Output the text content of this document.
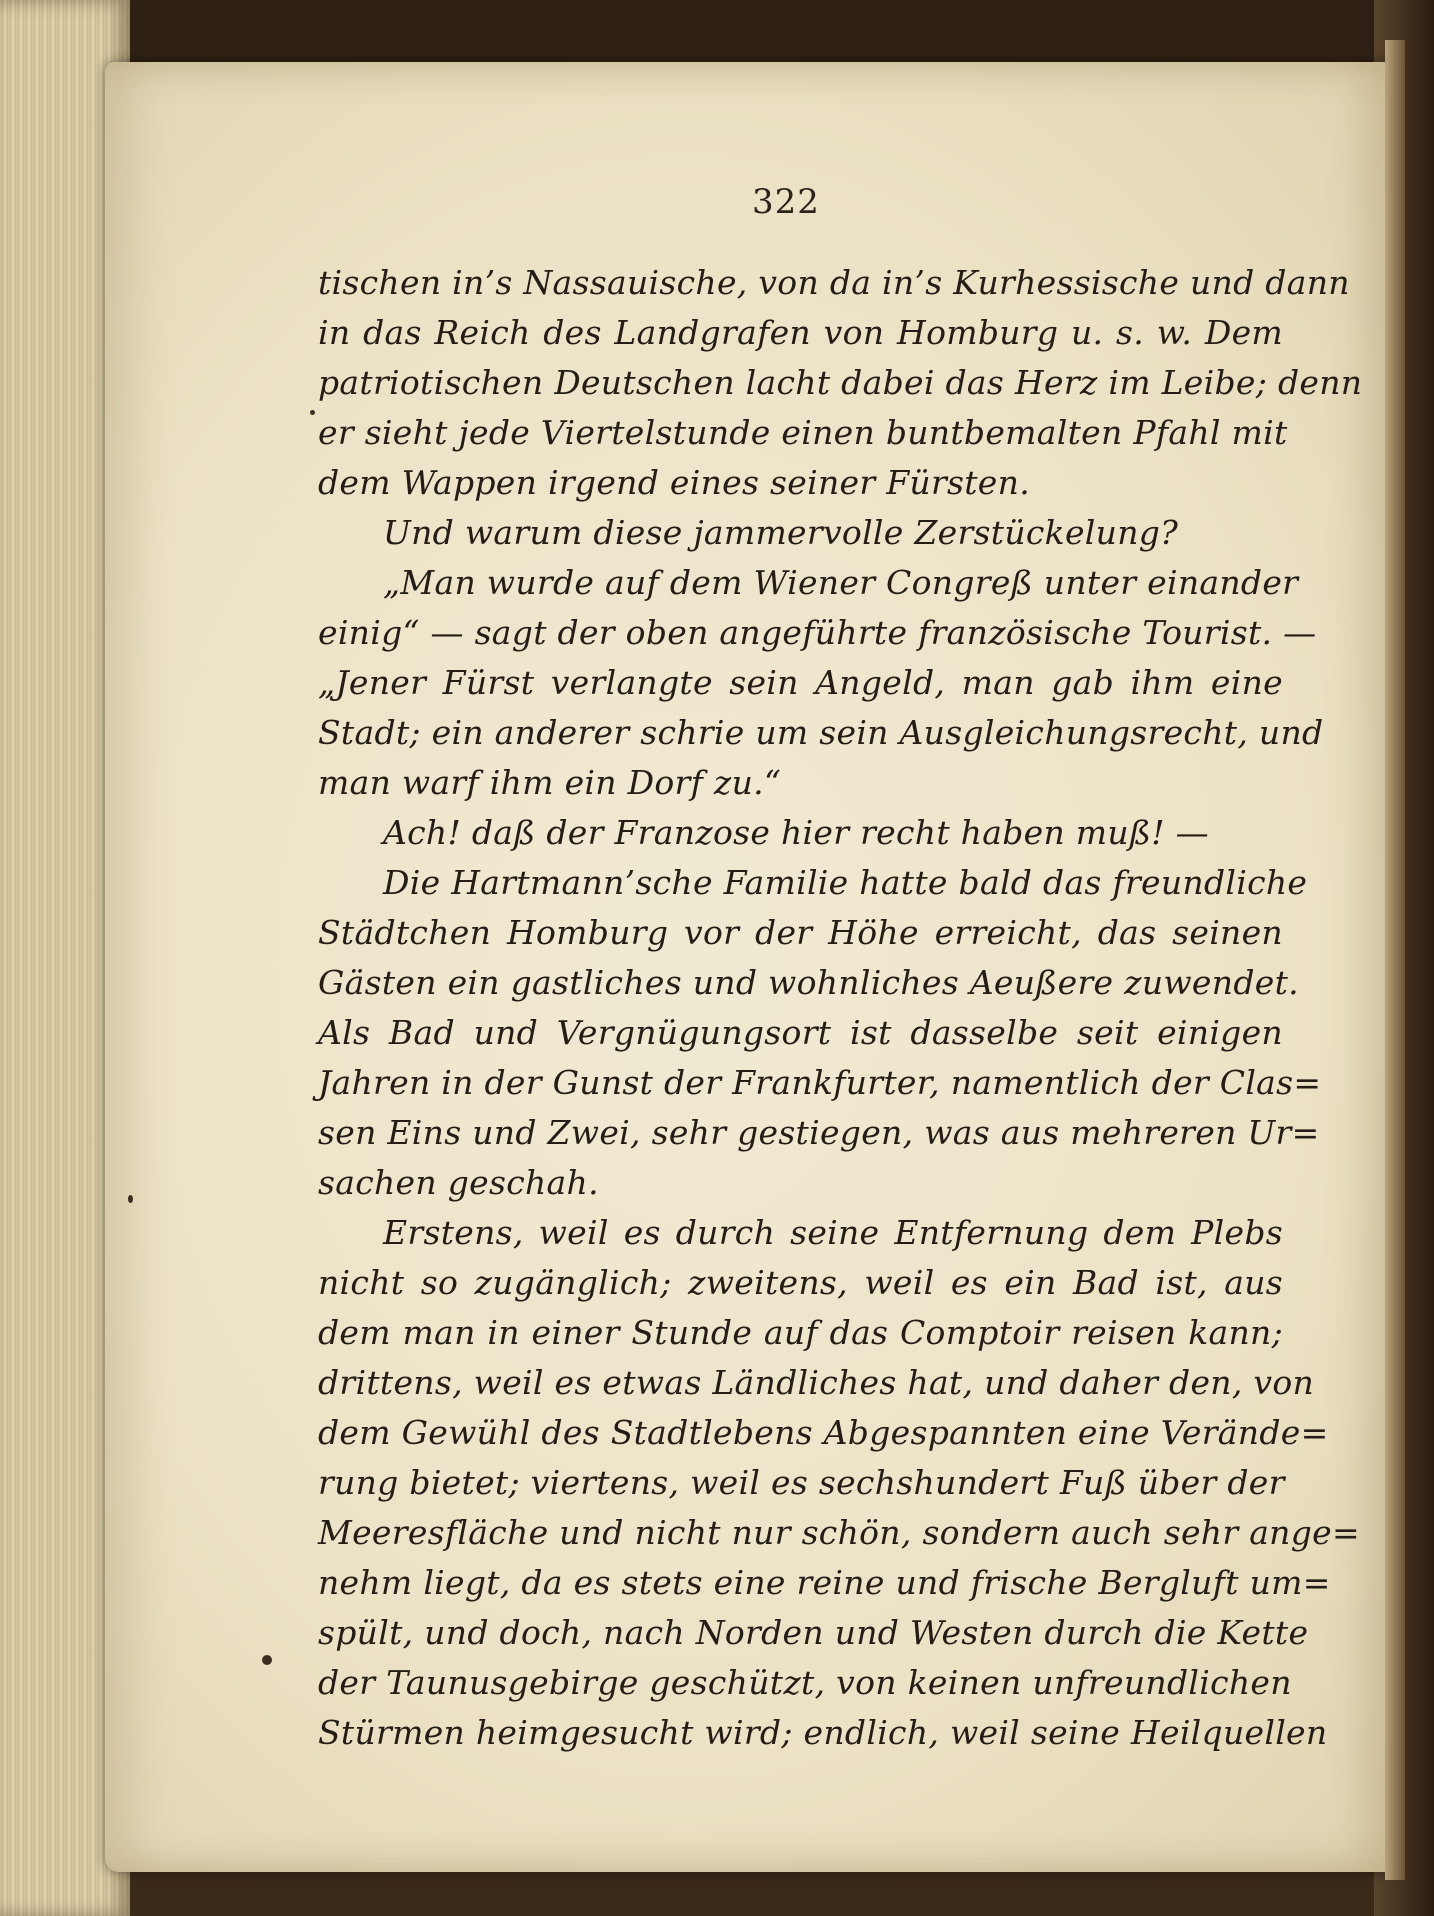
322
tischen in’s Nassauische, von da in’s Kurhessische und dann
in das Reich des Landgrafen von Homburg u. s. w. Dem
patriotischen Deutschen lacht dabei das Herz im Leibe; denn
er sieht jede Viertelstunde einen buntbemalten Pfahl mit
dem Wappen irgend eines seiner Fürsten.
Und warum diese jammervolle Zerstückelung?
„Man wurde auf dem Wiener Congreß unter einander
einig“ — sagt der oben angeführte französische Tourist. —
„Jener Fürst verlangte sein Angeld, man gab ihm eine
Stadt; ein anderer schrie um sein Ausgleichungsrecht, und
man warf ihm ein Dorf zu.“
Ach! daß der Franzose hier recht haben muß! —
Die Hartmann’sche Familie hatte bald das freundliche
Städtchen Homburg vor der Höhe erreicht, das seinen
Gästen ein gastliches und wohnliches Aeußere zuwendet.
Als Bad und Vergnügungsort ist dasselbe seit einigen
Jahren in der Gunst der Frankfurter, namentlich der Clas=
sen Eins und Zwei, sehr gestiegen, was aus mehreren Ur=
sachen geschah.
Erstens, weil es durch seine Entfernung dem Plebs
nicht so zugänglich; zweitens, weil es ein Bad ist, aus
dem man in einer Stunde auf das Comptoir reisen kann;
drittens, weil es etwas Ländliches hat, und daher den, von
dem Gewühl des Stadtlebens Abgespannten eine Verände=
rung bietet; viertens, weil es sechshundert Fuß über der
Meeresfläche und nicht nur schön, sondern auch sehr ange=
nehm liegt, da es stets eine reine und frische Bergluft um=
spült, und doch, nach Norden und Westen durch die Kette
der Taunusgebirge geschützt, von keinen unfreundlichen
Stürmen heimgesucht wird; endlich, weil seine Heilquellen
